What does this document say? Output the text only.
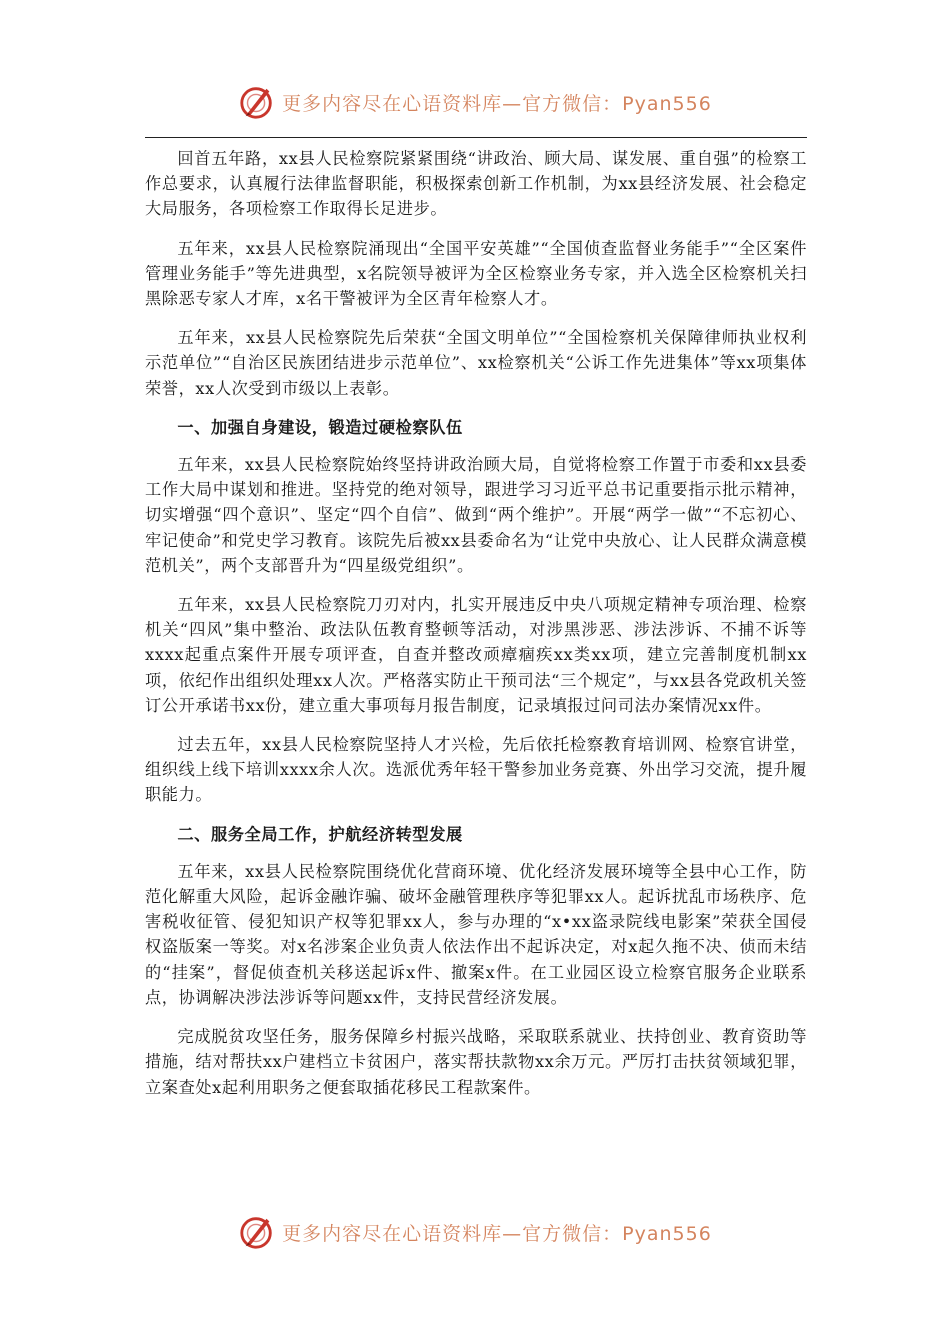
更多内容尽在心语资料库—官方微信：Pyan556

回首五年路，xx县人民检察院紧紧围绕“讲政治、顾大局、谋发展、重自强”的检察工作总要求，认真履行法律监督职能，积极探索创新工作机制，为xx县经济发展、社会稳定大局服务，各项检察工作取得长足进步。

五年来，xx县人民检察院涌现出“全国平安英雄”“全国侦查监督业务能手”“全区案件管理业务能手”等先进典型，x名院领导被评为全区检察业务专家，并入选全区检察机关扫黑除恶专家人才库，x名干警被评为全区青年检察人才。

五年来，xx县人民检察院先后荣获“全国文明单位”“全国检察机关保障律师执业权利示范单位”“自治区民族团结进步示范单位”、xx检察机关“公诉工作先进集体”等xx项集体荣誉，xx人次受到市级以上表彰。

一、加强自身建设，锻造过硬检察队伍

五年来，xx县人民检察院始终坚持讲政治顾大局，自觉将检察工作置于市委和xx县委工作大局中谋划和推进。坚持党的绝对领导，跟进学习习近平总书记重要指示批示精神，切实增强“四个意识”、坚定“四个自信”、做到“两个维护”。开展“两学一做”“不忘初心、牢记使命”和党史学习教育。该院先后被xx县委命名为“让党中央放心、让人民群众满意模范机关”，两个支部晋升为“四星级党组织”。

五年来，xx县人民检察院刀刃对内，扎实开展违反中央八项规定精神专项治理、检察机关“四风”集中整治、政法队伍教育整顿等活动，对涉黑涉恶、涉法涉诉、不捕不诉等xxxx起重点案件开展专项评查，自查并整改顽瘴痼疾xx类xx项，建立完善制度机制xx项，依纪作出组织处理xx人次。严格落实防止干预司法“三个规定”，与xx县各党政机关签订公开承诺书xx份，建立重大事项每月报告制度，记录填报过问司法办案情况xx件。

过去五年，xx县人民检察院坚持人才兴检，先后依托检察教育培训网、检察官讲堂，组织线上线下培训xxxx余人次。选派优秀年轻干警参加业务竞赛、外出学习交流，提升履职能力。

二、服务全局工作，护航经济转型发展

五年来，xx县人民检察院围绕优化营商环境、优化经济发展环境等全县中心工作，防范化解重大风险，起诉金融诈骗、破坏金融管理秩序等犯罪xx人。起诉扰乱市场秩序、危害税收征管、侵犯知识产权等犯罪xx人，参与办理的“x•xx盗录院线电影案”荣获全国侵权盗版案一等奖。对x名涉案企业负责人依法作出不起诉决定，对x起久拖不决、侦而未结的“挂案”，督促侦查机关移送起诉x件、撤案x件。在工业园区设立检察官服务企业联系点，协调解决涉法涉诉等问题xx件，支持民营经济发展。

完成脱贫攻坚任务，服务保障乡村振兴战略，采取联系就业、扶持创业、教育资助等措施，结对帮扶xx户建档立卡贫困户，落实帮扶款物xx余万元。严厉打击扶贫领域犯罪，立案查处x起利用职务之便套取插花移民工程款案件。

更多内容尽在心语资料库—官方微信：Pyan556
